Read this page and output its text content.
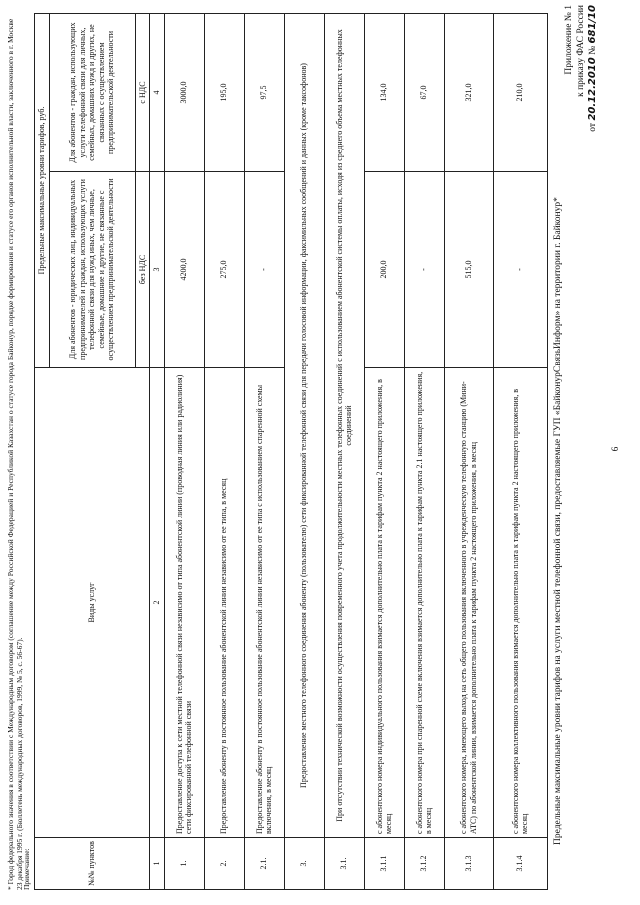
6
Приложение № 1 к приказу ФАС России
от 20.12.2010 № 681/10
Предельные максимальные уровни тарифов на услуги местной телефонной связи, предоставляемые ГУП «БайконурСвязьИнформ» на территории г. Байконур*
№№ пунктов	Виды услуг	Предельные максимальные уровни тарифов, руб.	
		Для абонентов - юридических лиц, индивидуальных предпринимателей и граждан, использующих услуги телефонной связи для нужд иных, чем личные, семейные, домашние и другие, не связанные с осуществлением предпринимательской деятельности	Для абонентов - граждан, использующих услуги телефонной связи для личных, семейных, домашних нужд и других, не связанных с осуществлением предпринимательской деятельности
		без НДС	с НДС
1	2	3	4
1.	Предоставление доступа к сети местной телефонной связи независимо от типа абонентской линии (проводная линия или радиолиния) сети фиксированной телефонной связи	4200,0	3000,0
2.	Предоставление абоненту в постоянное пользование абонентской линии независимо от ее типа, в месяц	275,0	195,0
2.1.	Предоставление абоненту в постоянное пользование абонентской линии независимо от ее типа с использованием спаренной схемы включения, в месяц	-	97,5
3.	Предоставление местного телефонного соединения абоненту (пользователю) сети фиксированной телефонной связи для передачи голосовой информации, факсимильных сообщений и данных (кроме таксофонов)		
3.1.	При отсутствии технической возможности осуществления повременного учета продолжительности местных телефонных соединений с использованием абонентской системы оплаты, исходя из среднего объема местных телефонных соединений		
3.1.1	с абонентского номера индивидуального пользования взимается дополнительно плата к тарифам пункта 2 настоящего приложения, в месяц	200,0	134,0
3.1.2	с абонентского номера при спаренной схеме включения взимается дополнительно плата к тарифам пункта 2.1 настоящего приложения, в месяц	-	67,0
3.1.3	с абонентского номера, имеющего выход на сеть общего пользования включенного в учрежденческую телефонную станцию (Мини-АТС) по абонентской линии, взимается дополнительно плата к тарифам пункта 2 настоящего приложения, в месяц	515,0	321,0
3.1.4	с абонентского номера коллективного пользования взимается дополнительно плата к тарифам пункта 2 настоящего приложения, в месяц	-	210,0
Примечание:
* Город федерального значения в соответствии с Международным договором (соглашение между Российской Федерацией и Республикой Казахстан о статусе города Байконур, порядке формирования и статусе его органов исполнительной власти, заключенного в г. Москве 23 декабря 1995 г. (Бюллетень международных договоров, 1999, № 5, с. 56-67).
